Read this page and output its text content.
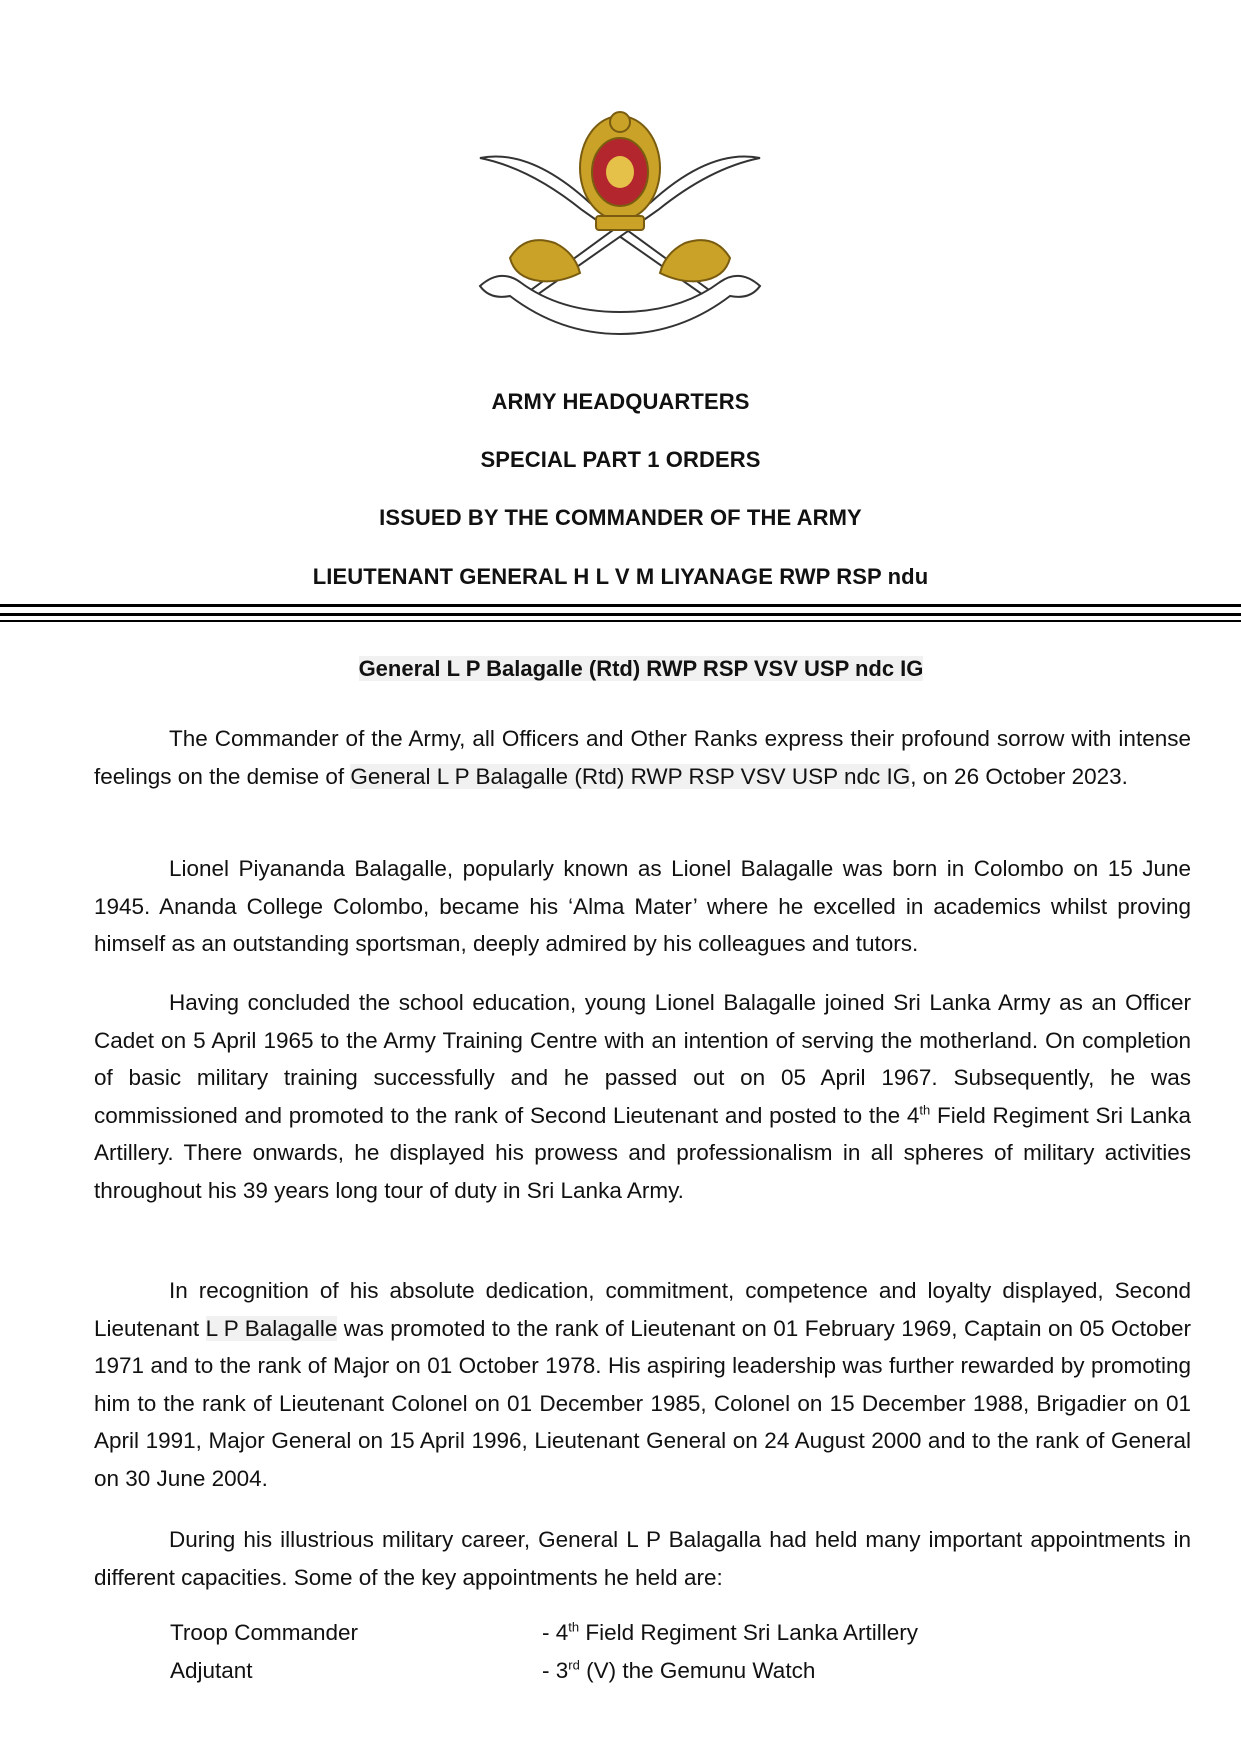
ARMY HEADQUARTERS
SPECIAL PART 1 ORDERS
ISSUED BY THE COMMANDER OF THE ARMY
LIEUTENANT GENERAL H L V M LIYANAGE RWP RSP ndu
General L P Balagalle (Rtd) RWP RSP VSV USP ndc IG

The Commander of the Army, all Officers and Other Ranks express their profound sorrow with intense feelings on the demise of General L P Balagalle (Rtd) RWP RSP VSV USP ndc IG, on 26 October 2023.

Lionel Piyananda Balagalle, popularly known as Lionel Balagalle was born in Colombo on 15 June 1945. Ananda College Colombo, became his ‘Alma Mater’ where he excelled in academics whilst proving himself as an outstanding sportsman, deeply admired by his colleagues and tutors.

Having concluded the school education, young Lionel Balagalle joined Sri Lanka Army as an Officer Cadet on 5 April 1965 to the Army Training Centre with an intention of serving the motherland. On completion of basic military training successfully and he passed out on 05 April 1967. Subsequently, he was commissioned and promoted to the rank of Second Lieutenant and posted to the 4th Field Regiment Sri Lanka Artillery. There onwards, he displayed his prowess and professionalism in all spheres of military activities throughout his 39 years long tour of duty in Sri Lanka Army.

In recognition of his absolute dedication, commitment, competence and loyalty displayed, Second Lieutenant L P Balagalle was promoted to the rank of Lieutenant on 01 February 1969, Captain on 05 October 1971 and to the rank of Major on 01 October 1978. His aspiring leadership was further rewarded by promoting him to the rank of Lieutenant Colonel on 01 December 1985, Colonel on 15 December 1988, Brigadier on 01 April 1991, Major General on 15 April 1996, Lieutenant General on 24 August 2000 and to the rank of General on 30 June 2004.

During his illustrious military career, General L P Balagalla had held many important appointments in different capacities. Some of the key appointments he held are:

Troop Commander	- 4th Field Regiment Sri Lanka Artillery
Adjutant	- 3rd (V) the Gemunu Watch
